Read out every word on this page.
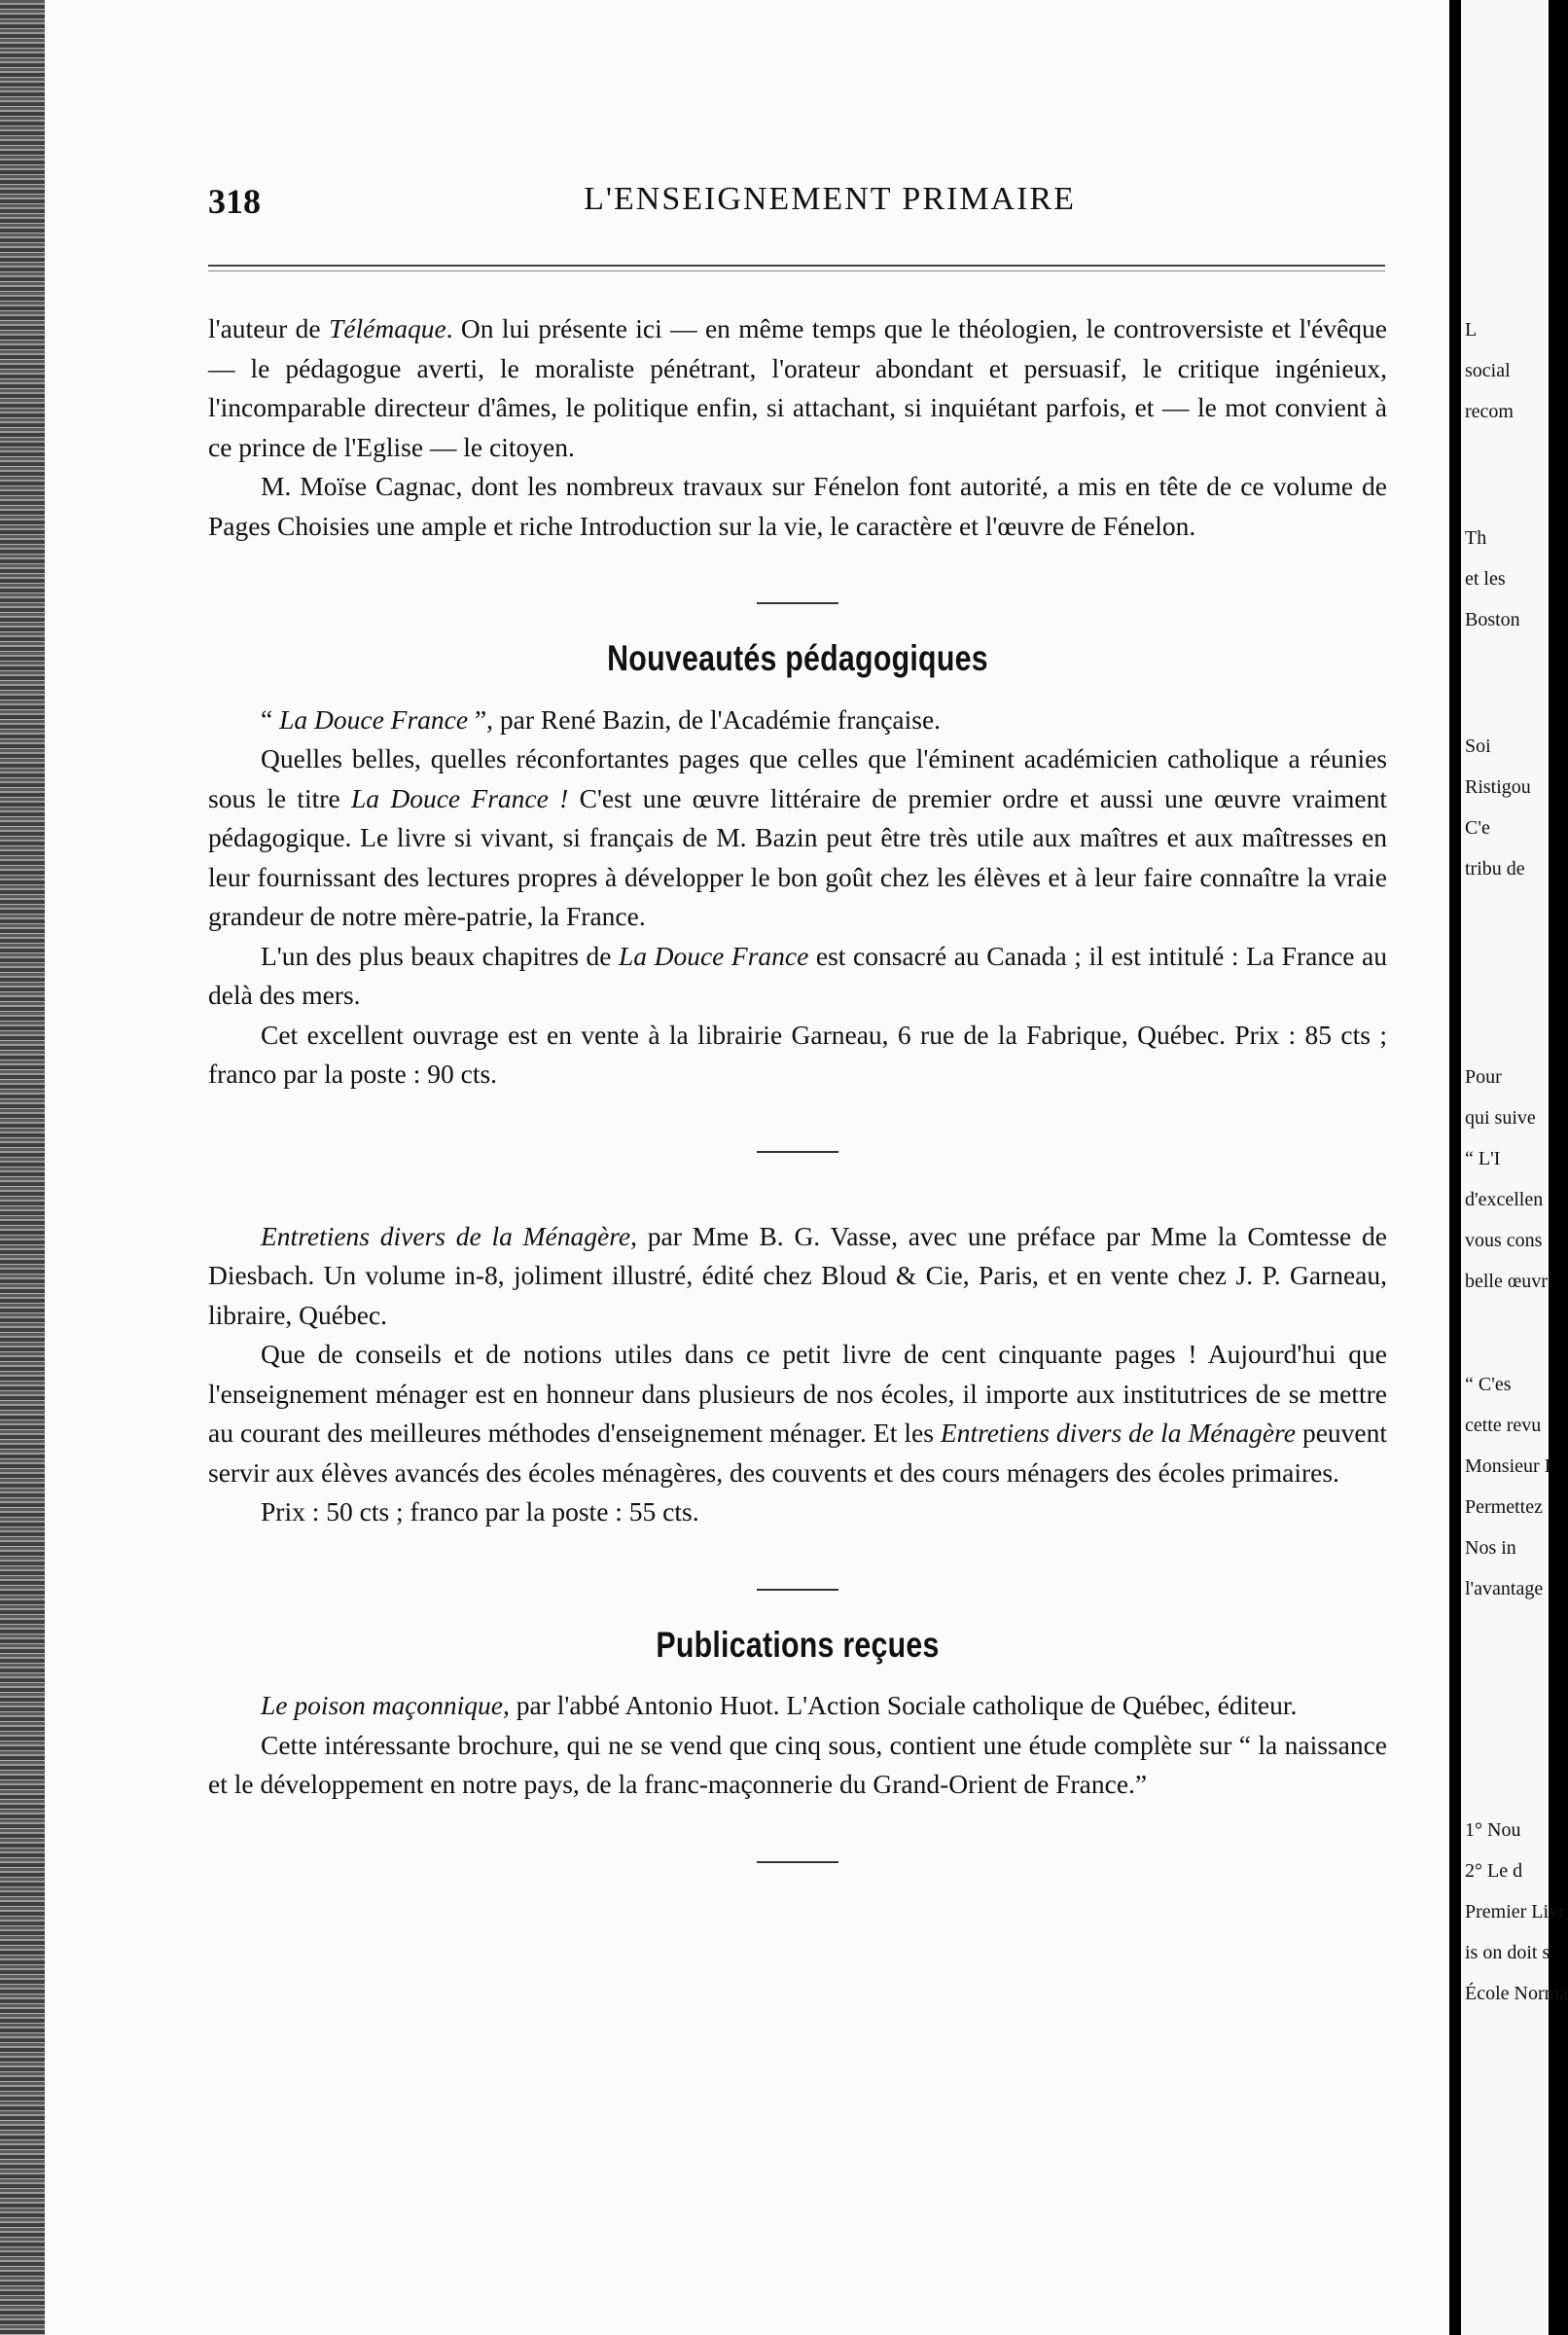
318	L'ENSEIGNEMENT PRIMAIRE

l'auteur de Télémaque. On lui présente ici — en même temps que le théologien, le controversiste et l'évêque — le pédagogue averti, le moraliste pénétrant, l'orateur abondant et persuasif, le critique ingénieux, l'incomparable directeur d'âmes, le politique enfin, si attachant, si inquiétant parfois, et — le mot convient à ce prince de l'Eglise — le citoyen.

M. Moïse Cagnac, dont les nombreux travaux sur Fénelon font autorité, a mis en tête de ce volume de Pages Choisies une ample et riche Introduction sur la vie, le caractère et l'œuvre de Fénelon.

Nouveautés pédagogiques

“ La Douce France ”, par René Bazin, de l'Académie française.

Quelles belles, quelles réconfortantes pages que celles que l'éminent académicien catholique a réunies sous le titre La Douce France ! C'est une œuvre littéraire de premier ordre et aussi une œuvre vraiment pédagogique. Le livre si vivant, si français de M. Bazin peut être très utile aux maîtres et aux maîtresses en leur fournissant des lectures propres à développer le bon goût chez les élèves et à leur faire connaître la vraie grandeur de notre mère-patrie, la France.

L'un des plus beaux chapitres de La Douce France est consacré au Canada ; il est intitulé : La France au delà des mers.

Cet excellent ouvrage est en vente à la librairie Garneau, 6 rue de la Fabrique, Québec. Prix : 85 cts ; franco par la poste : 90 cts.

Entretiens divers de la Ménagère, par Mme B. G. Vasse, avec une préface par Mme la Comtesse de Diesbach. Un volume in-8, joliment illustré, édité chez Bloud & Cie, Paris, et en vente chez J. P. Garneau, libraire, Québec.

Que de conseils et de notions utiles dans ce petit livre de cent cinquante pages ! Aujourd'hui que l'enseignement ménager est en honneur dans plusieurs de nos écoles, il importe aux institutrices de se mettre au courant des meilleures méthodes d'enseignement ménager. Et les Entretiens divers de la Ménagère peuvent servir aux élèves avancés des écoles ménagères, des couvents et des cours ménagers des écoles primaires.

Prix : 50 cts ; franco par la poste : 55 cts.

Publications reçues

Le poison maçonnique, par l'abbé Antonio Huot. L'Action Sociale catholique de Québec, éditeur.

Cette intéressante brochure, qui ne se vend que cinq sous, contient une étude complète sur “ la naissance et le développement en notre pays, de la franc-maçonnerie du Grand-Orient de France.”

L
social
recom
Th
et les
Boston
Soi
Ristigou
C'e
tribu de
Pour
qui suive
“ L'I
d'excellen
vous cons
belle œuvr
“ C'es
cette revu
Monsieur I
Permettez
Nos in
l'avantage
1° Nou
2° Le d
Premier Livr
is on doit s
École Norma
